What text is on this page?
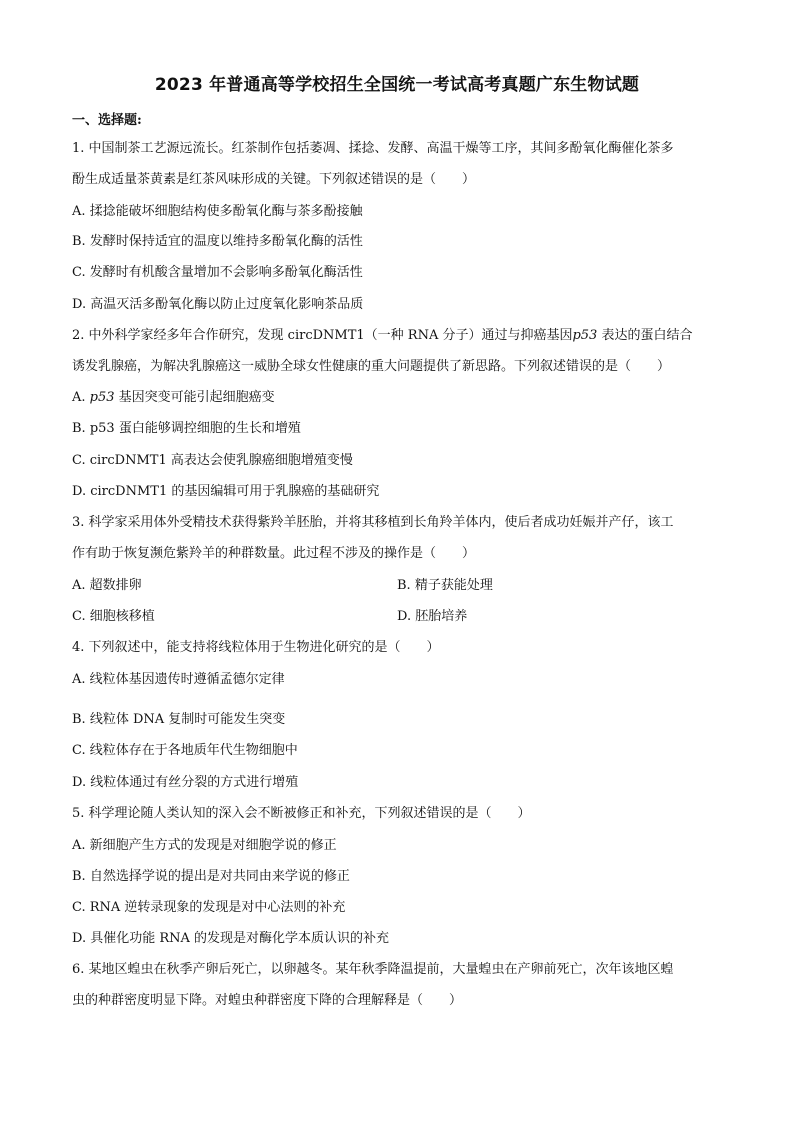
2023 年普通高等学校招生全国统一考试高考真题广东生物试题
一、选择题:
1. 中国制茶工艺源远流长。红茶制作包括萎凋、揉捻、发酵、高温干燥等工序，其间多酚氧化酶催化茶多
酚生成适量茶黄素是红茶风味形成的关键。下列叙述错误的是（　　）
A. 揉捻能破坏细胞结构使多酚氧化酶与茶多酚接触
B. 发酵时保持适宜的温度以维持多酚氧化酶的活性
C. 发酵时有机酸含量增加不会影响多酚氧化酶活性
D. 高温灭活多酚氧化酶以防止过度氧化影响茶品质
2. 中外科学家经多年合作研究，发现 circDNMT1（一种 RNA 分子）通过与抑癌基因p53 表达的蛋白结合
诱发乳腺癌，为解决乳腺癌这一威胁全球女性健康的重大问题提供了新思路。下列叙述错误的是（　　）
A. p53 基因突变可能引起细胞癌变
B. p53 蛋白能够调控细胞的生长和增殖
C. circDNMT1 高表达会使乳腺癌细胞增殖变慢
D. circDNMT1 的基因编辑可用于乳腺癌的基础研究
3. 科学家采用体外受精技术获得紫羚羊胚胎，并将其移植到长角羚羊体内，使后者成功妊娠并产仔，该工
作有助于恢复濒危紫羚羊的种群数量。此过程不涉及的操作是（　　）
A. 超数排卵	B. 精子获能处理
C. 细胞核移植	D. 胚胎培养
4. 下列叙述中，能支持将线粒体用于生物进化研究的是（　　）
A. 线粒体基因遗传时遵循孟德尔定律
B. 线粒体 DNA 复制时可能发生突变
C. 线粒体存在于各地质年代生物细胞中
D. 线粒体通过有丝分裂的方式进行增殖
5. 科学理论随人类认知的深入会不断被修正和补充，下列叙述错误的是（　　）
A. 新细胞产生方式的发现是对细胞学说的修正
B. 自然选择学说的提出是对共同由来学说的修正
C. RNA 逆转录现象的发现是对中心法则的补充
D. 具催化功能 RNA 的发现是对酶化学本质认识的补充
6. 某地区蝗虫在秋季产卵后死亡，以卵越冬。某年秋季降温提前，大量蝗虫在产卵前死亡，次年该地区蝗
虫的种群密度明显下降。对蝗虫种群密度下降的合理解释是（　　）
